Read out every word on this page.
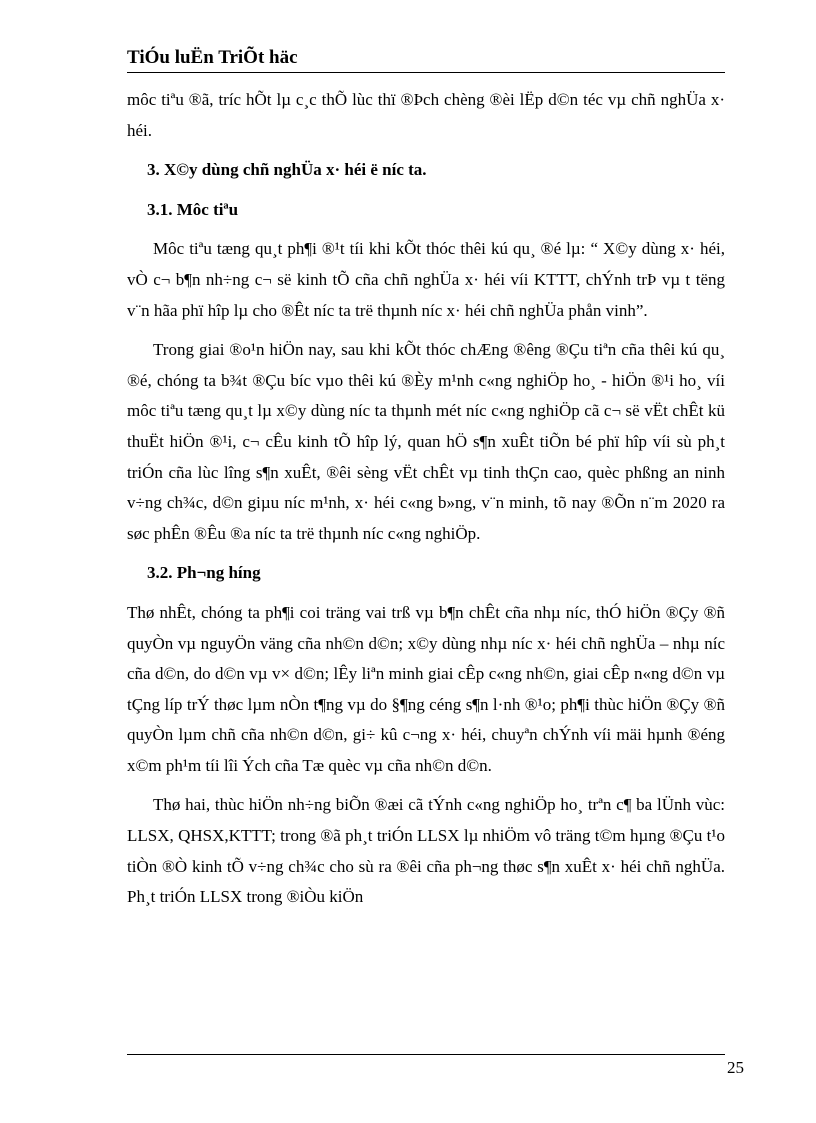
TiÓu luËn TriÕt häc

môc tiªu ®ã, tríc hÕt lµ c¸c thÕ lùc thï ®Þch chèng ®èi lËp d©n téc vµ chñ nghÜa x· héi.

3. X©y dùng chñ nghÜa x· héi ë níc ta.
3.1. Môc tiªu

Môc tiªu tæng qu¸t ph¶i ®¹t tíi khi kÕt thóc thêi kú qu¸ ®é lµ: “ X©y dùng x· héi, vÒ c¬ b¶n nh÷ng c¬ së kinh tÕ cña chñ nghÜa x· héi víi KTTT, chÝnh trÞ vµ t tëng v¨n hãa phï hîp lµ cho ®Êt níc ta trë thµnh níc x· héi chñ nghÜa phån vinh”.

Trong giai ®o¹n hiÖn nay, sau khi kÕt thóc chÆng ®êng ®Çu tiªn cña thêi kú qu¸ ®é, chóng ta b¾t ®Çu bíc vµo thêi kú ®Èy m¹nh c«ng nghiÖp ho¸ - hiÖn ®¹i ho¸ víi môc tiªu tæng qu¸t lµ x©y dùng níc ta thµnh mét níc c«ng nghiÖp cã c¬ së vËt chÊt kü thuËt hiÖn ®¹i, c¬ cÊu kinh tÕ hîp lý, quan hÖ s¶n xuÊt tiÕn bé phï hîp víi sù ph¸t triÓn cña lùc lîng s¶n xuÊt, ®êi sèng vËt chÊt vµ tinh thÇn cao, quèc phßng an ninh v÷ng ch¾c, d©n giµu níc m¹nh, x· héi c«ng b»ng, v¨n minh, tõ nay ®Õn n¨m 2020 ra søc phÊn ®Êu ®a níc ta trë thµnh níc c«ng nghiÖp.

3.2. Ph¬ng híng

Thø nhÊt, chóng ta ph¶i coi träng vai trß vµ b¶n chÊt cña nhµ níc, thÓ hiÖn ®Çy ®ñ quyÒn vµ nguyÖn väng cña nh©n d©n; x©y dùng nhµ níc x· héi chñ nghÜa – nhµ níc cña d©n, do d©n vµ v× d©n; lÊy liªn minh giai cÊp c«ng nh©n, giai cÊp n«ng d©n vµ tÇng líp trÝ thøc lµm nÒn t¶ng vµ do §¶ng céng s¶n l·nh ®¹o; ph¶i thùc hiÖn ®Çy ®ñ quyÒn lµm chñ cña nh©n d©n, gi÷ kû c¬ng x· héi, chuyªn chÝnh víi mäi hµnh ®éng x©m ph¹m tíi lîi Ých cña Tæ quèc vµ cña nh©n d©n.

Thø hai, thùc hiÖn nh÷ng biÕn ®æi cã tÝnh c«ng nghiÖp ho¸ trªn c¶ ba lÜnh vùc: LLSX, QHSX,KTTT; trong ®ã ph¸t triÓn LLSX lµ nhiÖm vô träng t©m hµng ®Çu t¹o tiÒn ®Ò kinh tÕ v÷ng ch¾c cho sù ra ®êi cña ph¬ng thøc s¶n xuÊt x· héi chñ nghÜa. Ph¸t triÓn LLSX trong ®iÒu kiÖn

25
